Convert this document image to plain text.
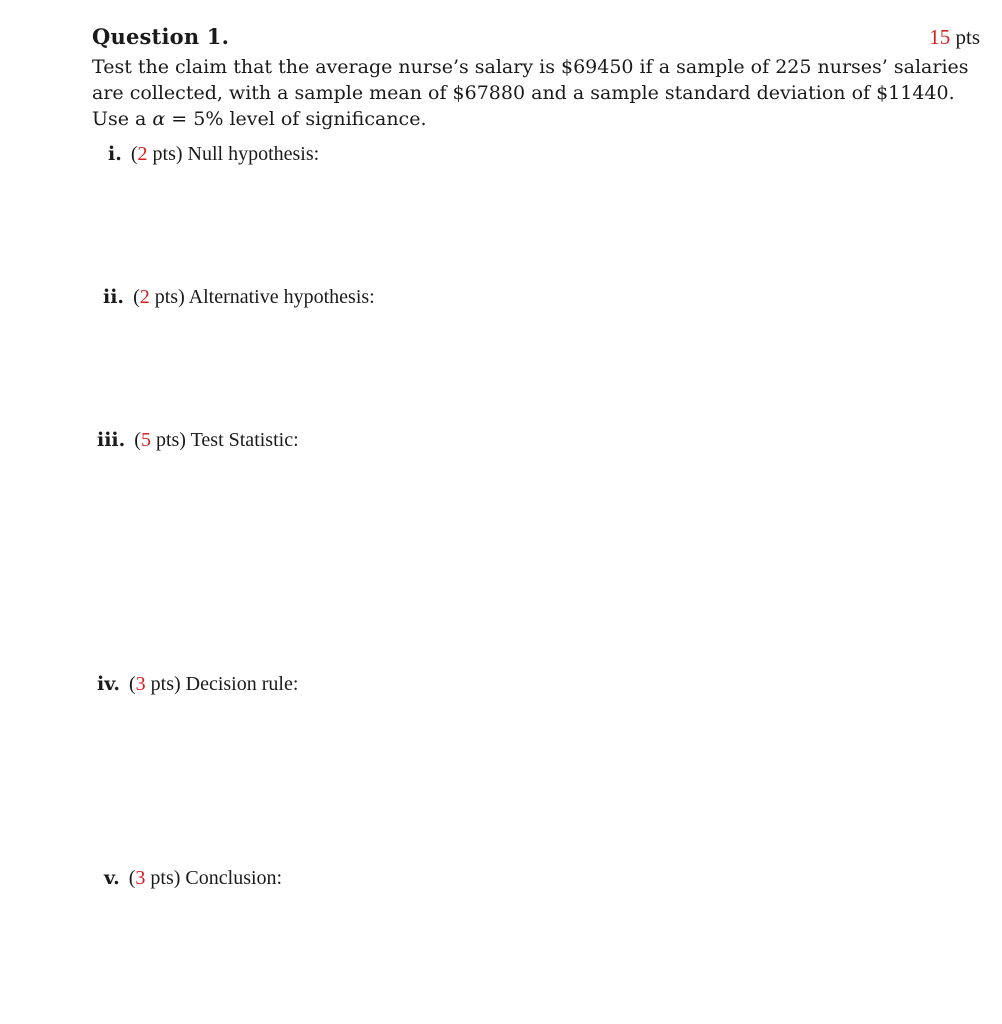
Question 1.	15 pts
Test the claim that the average nurse’s salary is $69450 if a sample of 225 nurses’ salaries
are collected, with a sample mean of $67880 and a sample standard deviation of $11440.
Use a α = 5% level of significance.
i. (2 pts) Null hypothesis:
ii. (2 pts) Alternative hypothesis:
iii. (5 pts) Test Statistic:
iv. (3 pts) Decision rule:
v. (3 pts) Conclusion:
